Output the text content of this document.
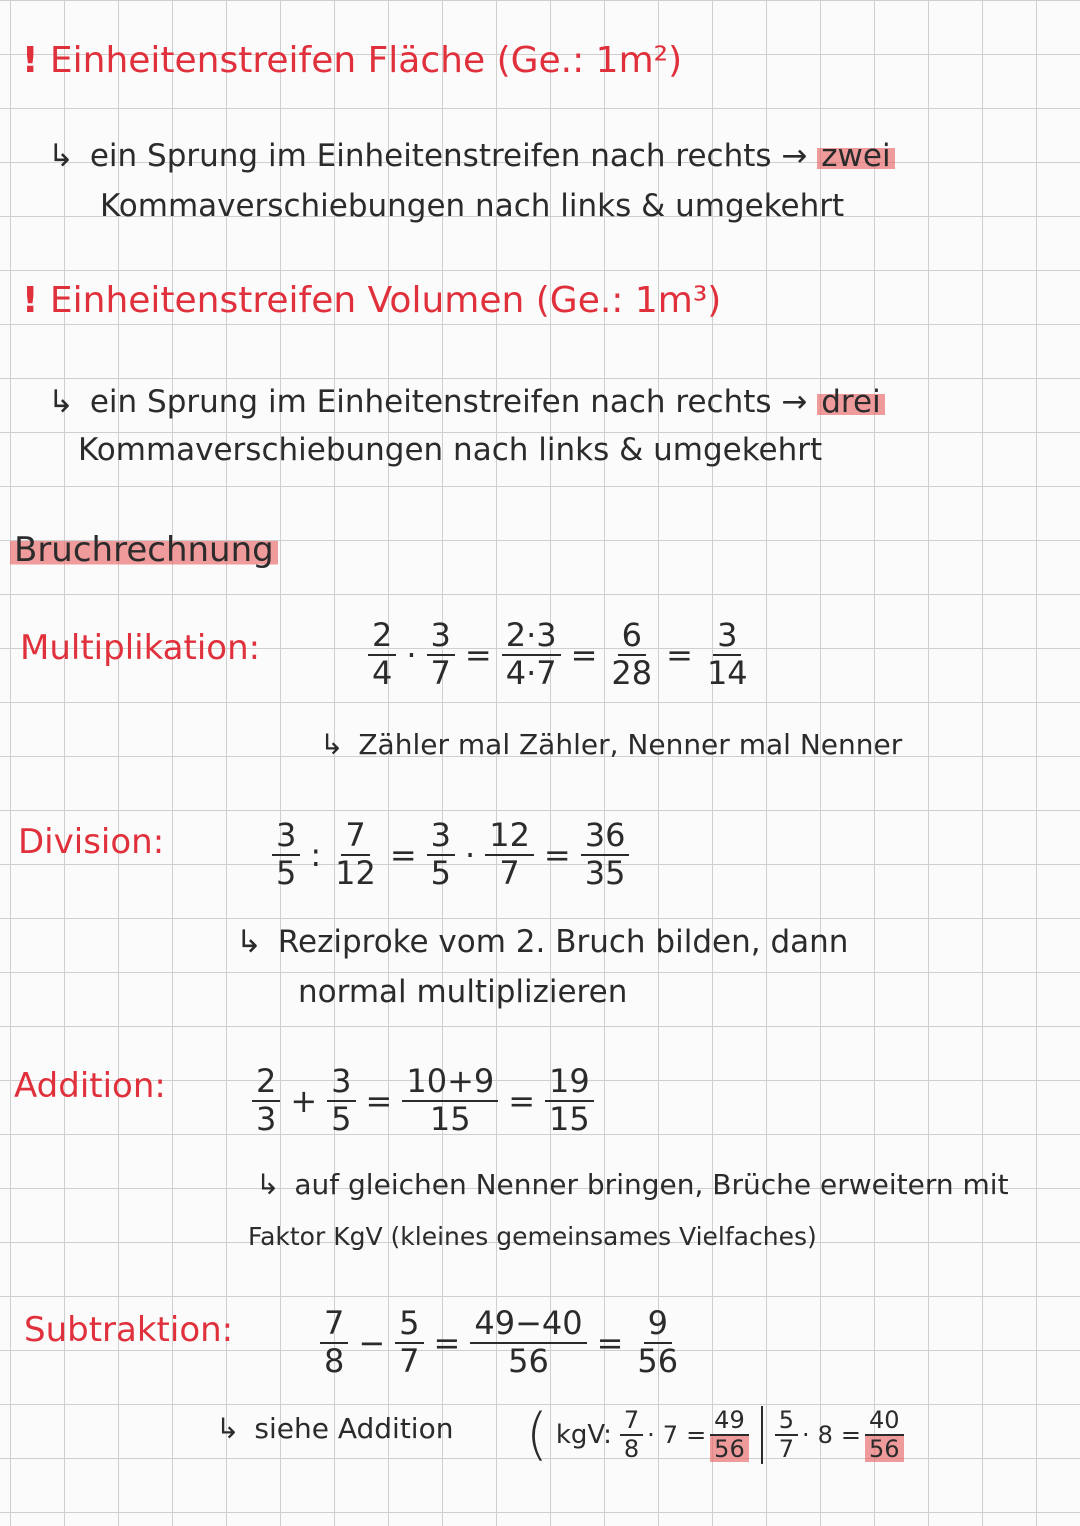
! Einheitenstreifen Fläche (Ge.: 1m²)
↳ ein Sprung im Einheitenstreifen nach rechts → zwei
Kommaverschiebungen nach links & umgekehrt
! Einheitenstreifen Volumen (Ge.: 1m³)
↳ ein Sprung im Einheitenstreifen nach rechts → drei
Kommaverschiebungen nach links & umgekehrt
Bruchrechnung
Multiplikation:	$\frac{2}{4} \cdot \frac{3}{7} = \frac{2\cdot 3}{4\cdot 7} = \frac{6}{28} = \frac{3}{14}$
↳ Zähler mal Zähler, Nenner mal Nenner
Division:	$\frac{3}{5}$ : $\frac{7}{12} = \frac{3}{5} \cdot \frac{12}{7} = \frac{36}{35}$
↳ Reziproke vom 2. Bruch bilden, dann
normal multiplizieren
Addition:	$\frac{2}{3} + \frac{3}{5} = \frac{10+9}{15} = \frac{19}{15}$
↳ auf gleichen Nenner bringen, Brüche erweitern mit
Faktor KgV (kleines gemeinsames Vielfaches)
Subtraktion:	$\frac{7}{8} - \frac{5}{7} = \frac{49-40}{56} = \frac{9}{56}$
↳ siehe Addition ( kgV: $\frac{7}{8} \cdot 7 = \frac{49}{56} \frac{5}{7} \cdot 8 = \frac{40}{56}$
